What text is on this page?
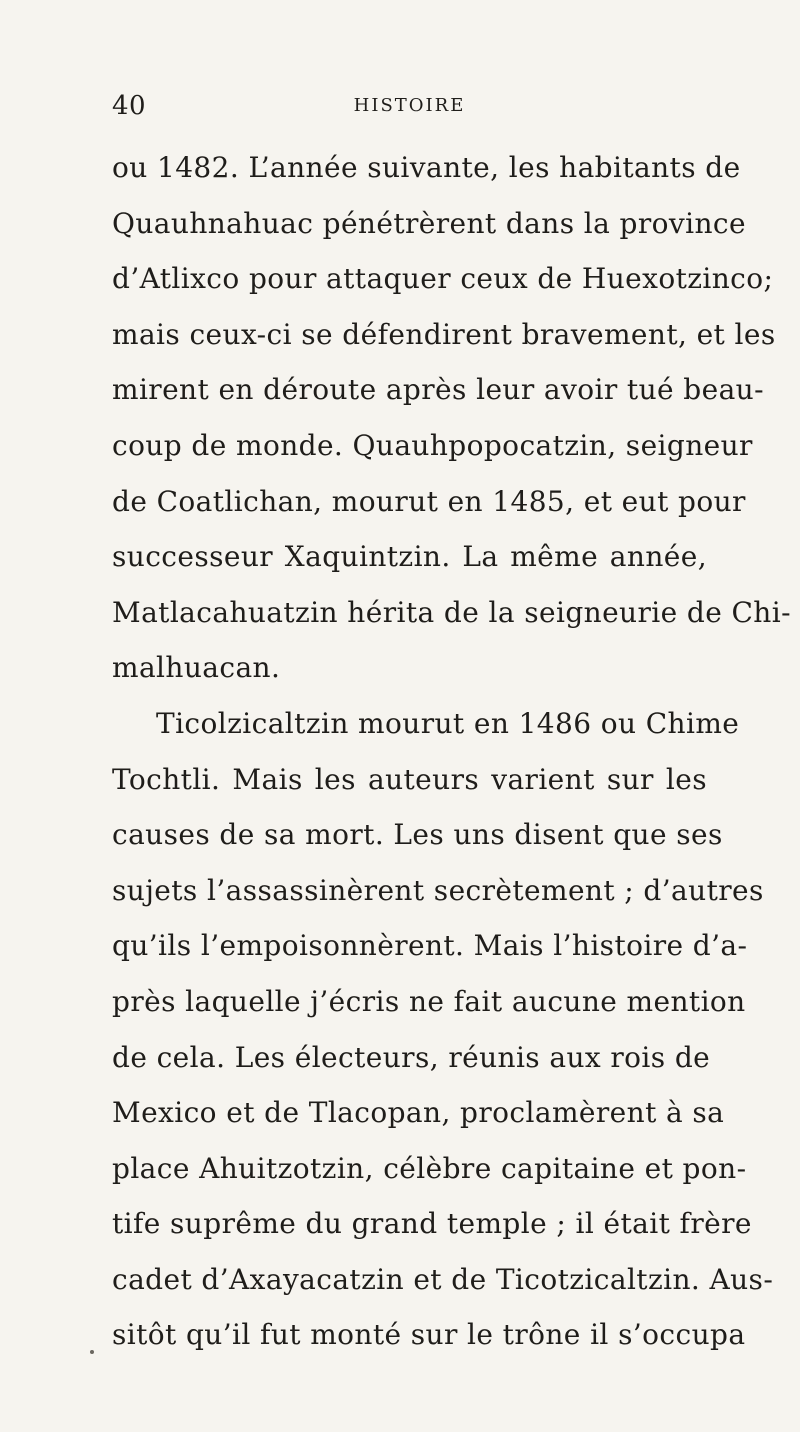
40	HISTOIRE
ou 1482. L’année suivante, les habitants de
Quauhnahuac pénétrèrent dans la province
d’Atlixco pour attaquer ceux de Huexotzinco;
mais ceux-ci se défendirent bravement, et les
mirent en déroute après leur avoir tué beau-
coup de monde. Quauhpopocatzin, seigneur
de Coatlichan, mourut en 1485, et eut pour
successeur Xaquintzin. La même année,
Matlacahuatzin hérita de la seigneurie de Chi-
malhuacan.
Ticolzicaltzin mourut en 1486 ou Chime
Tochtli. Mais les auteurs varient sur les
causes de sa mort. Les uns disent que ses
sujets l’assassinèrent secrètement ; d’autres
qu’ils l’empoisonnèrent. Mais l’histoire d’a-
près laquelle j’écris ne fait aucune mention
de cela. Les électeurs, réunis aux rois de
Mexico et de Tlacopan, proclamèrent à sa
place Ahuitzotzin, célèbre capitaine et pon-
tife suprême du grand temple ; il était frère
cadet d’Axayacatzin et de Ticotzicaltzin. Aus-
sitôt qu’il fut monté sur le trône il s’occupa
